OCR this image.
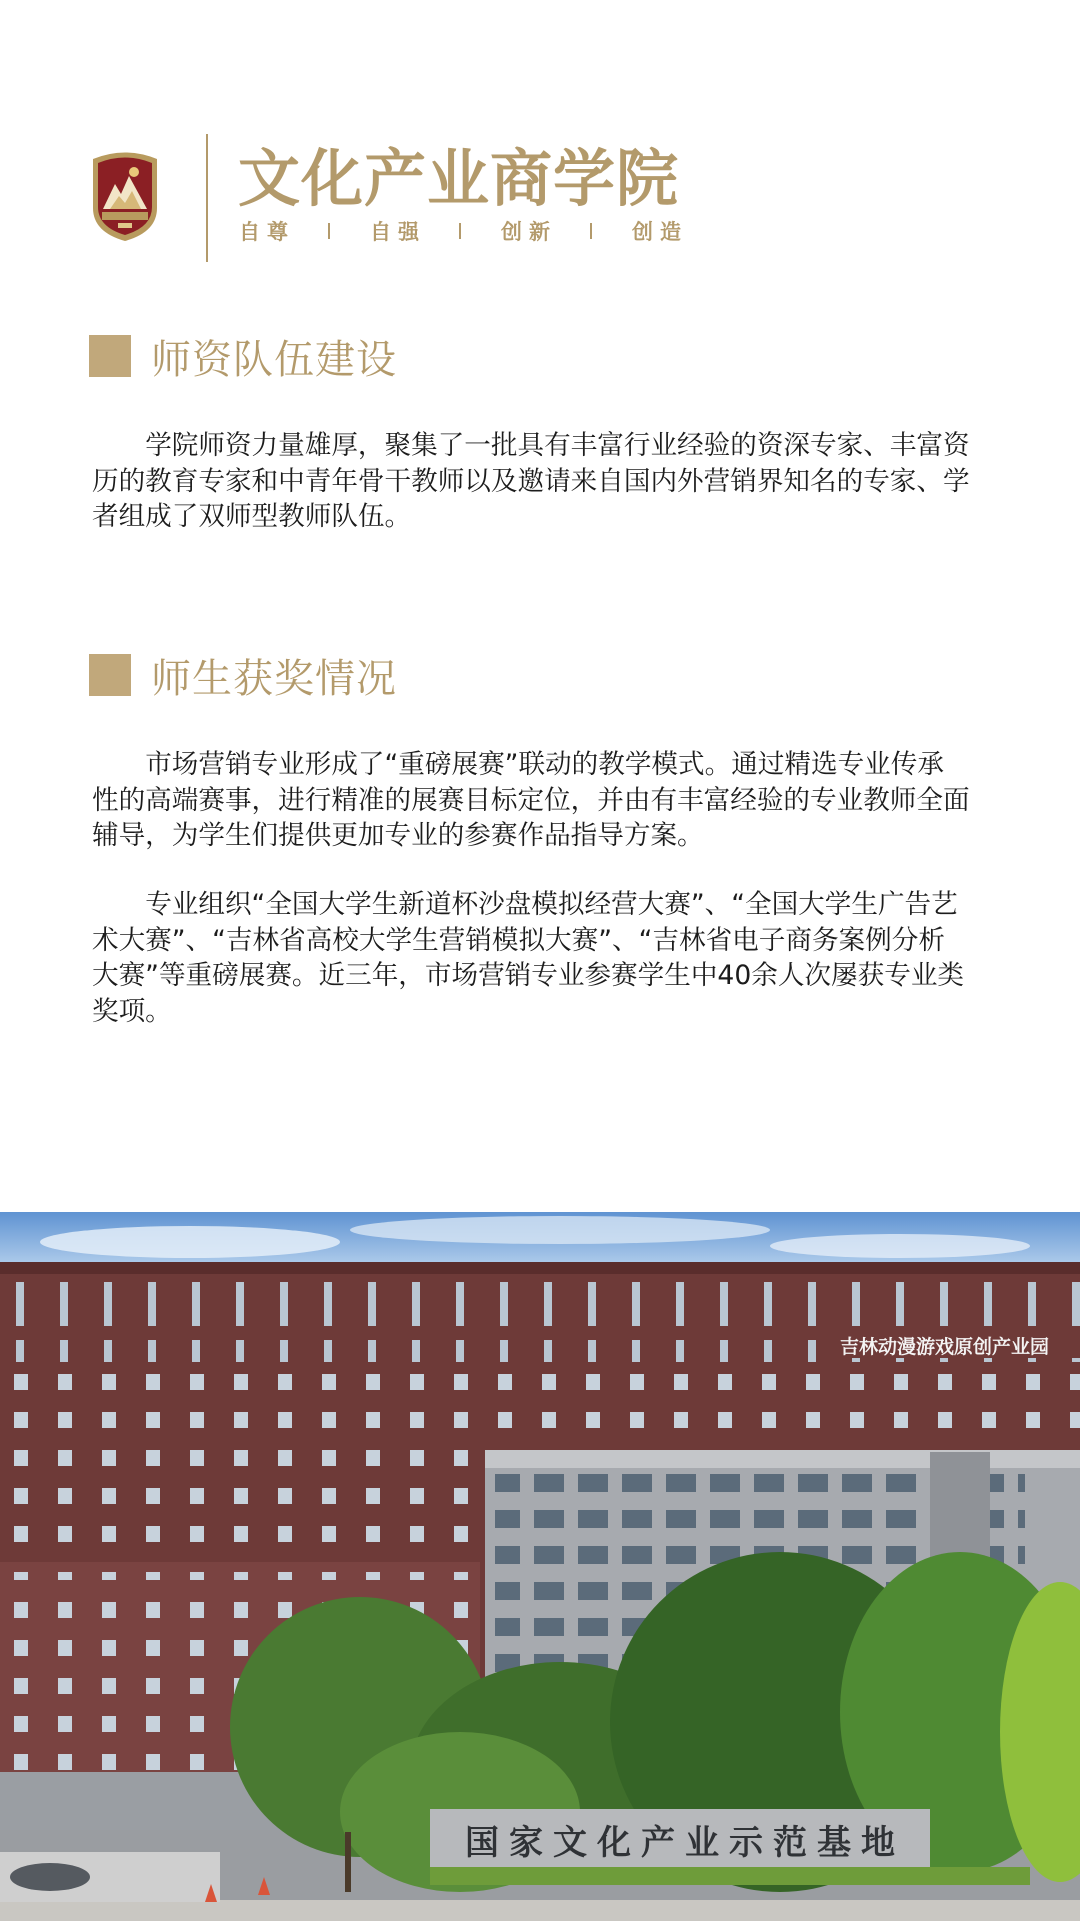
文化产业商学院
自尊	自强	创新	创造
师资队伍建设

学院师资力量雄厚，聚集了一批具有丰富行业经验的资深专家、丰富资历的教育专家和中青年骨干教师以及邀请来自国内外营销界知名的专家、学者组成了双师型教师队伍。

师生获奖情况

市场营销专业形成了“重磅展赛”联动的教学模式。通过精选专业传承性的高端赛事，进行精准的展赛目标定位，并由有丰富经验的专业教师全面辅导，为学生们提供更加专业的参赛作品指导方案。

专业组织“全国大学生新道杯沙盘模拟经营大赛”、“全国大学生广告艺术大赛”、“吉林省高校大学生营销模拟大赛”、“吉林省电子商务案例分析大赛”等重磅展赛。近三年，市场营销专业参赛学生中40余人次屡获专业类奖项。

吉林动漫游戏原创产业园
国家文化产业示范基地
